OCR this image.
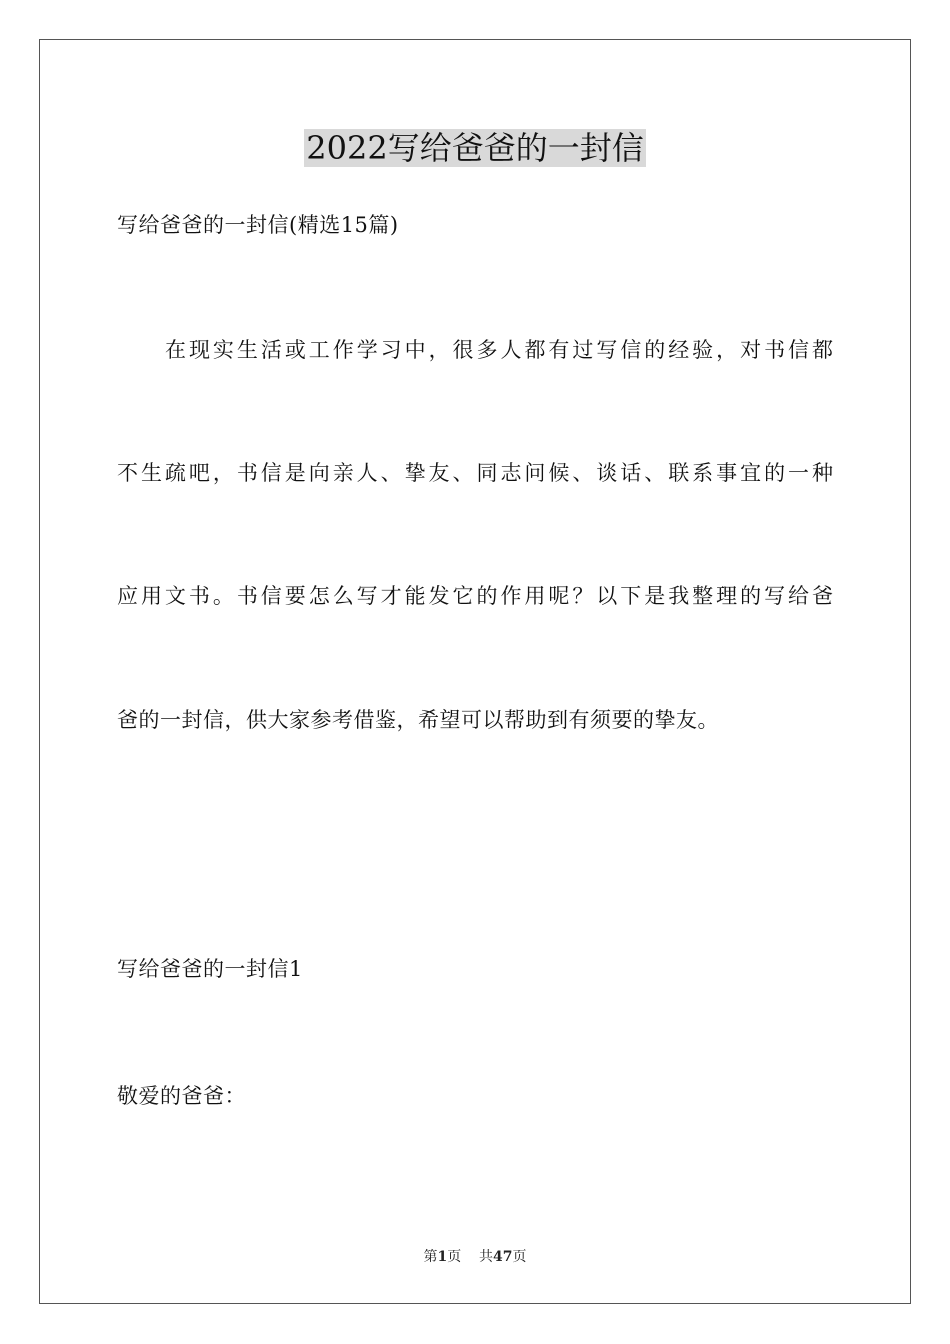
2022写给爸爸的一封信
写给爸爸的一封信(精选15篇)
在现实生活或工作学习中，很多人都有过写信的经验，对书信都
不生疏吧，书信是向亲人、挚友、同志问候、谈话、联系事宜的一种
应用文书。书信要怎么写才能发它的作用呢？以下是我整理的写给爸
爸的一封信，供大家参考借鉴，希望可以帮助到有须要的挚友。
写给爸爸的一封信1
敬爱的爸爸：
第1页 共47页
